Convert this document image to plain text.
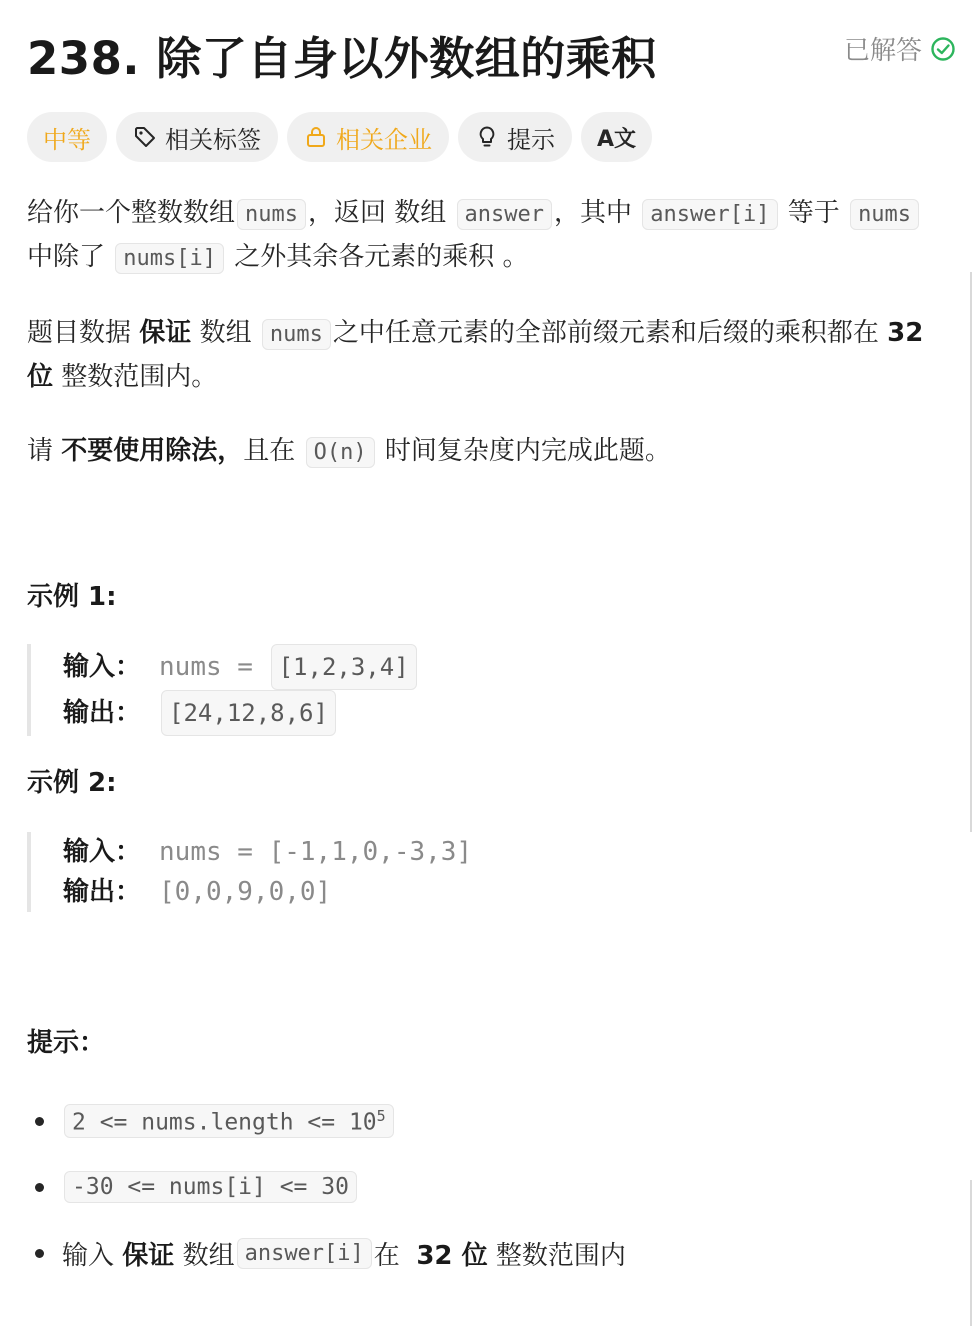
238. 除了自身以外数组的乘积	已解答
中等	相关标签	相关企业	提示 A文

给你一个整数数组 nums ，返回 数组 answer ，其中 answer[i] 等于 nums 中除了 nums[i] 之外其余各元素的乘积 。

题目数据 保证 数组 nums 之中任意元素的全部前缀元素和后缀的乘积都在 32 位 整数范围内。

请 不要使用除法，且在 O(n) 时间复杂度内完成此题。

示例 1:
输入： nums = [1,2,3,4]
输出：	[24,12,8,6]
示例 2:
输入： nums = [-1,1,0,-3,3]
输出： [0,0,9,0,0]
提示：
2 <= nums.length <= $10^5$
-30 <= nums[i] <= 30
输入
保证
数组 answer[i] 在
32 位
整数范围内
